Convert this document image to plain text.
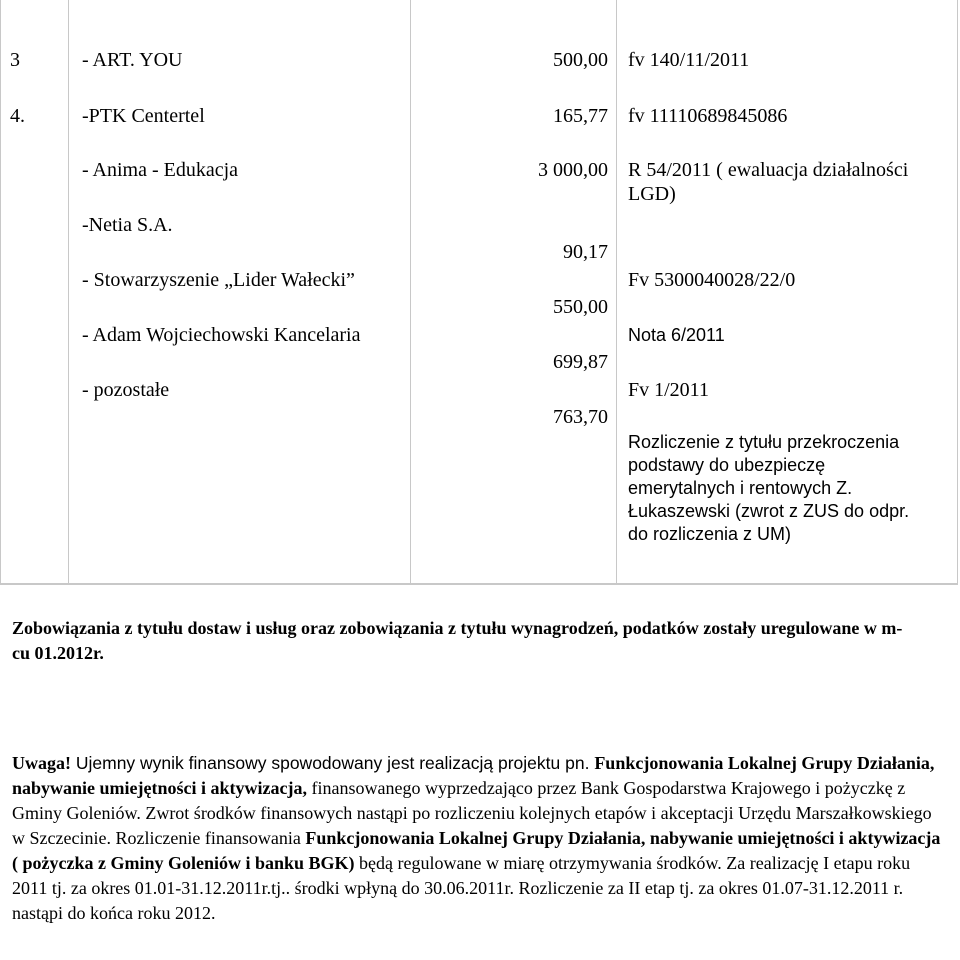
3
4.
- ART. YOU
-PTK Centertel
- Anima - Edukacja
-Netia S.A.
- Stowarzyszenie „Lider Wałecki”
- Adam Wojciechowski Kancelaria
- pozostałe
500,00
165,77
3 000,00
90,17
550,00
699,87
763,70
fv 140/11/2011
fv 11110689845086
R 54/2011 ( ewaluacja działalności LGD)
Fv 5300040028/22/0
Nota 6/2011
Fv 1/2011
Rozliczenie z tytułu przekroczenia podstawy do ubezpieczę emerytalnych i rentowych Z. Łukaszewski (zwrot z ZUS do odpr. do rozliczenia z UM)
Zobowiązania z tytułu dostaw i usług oraz zobowiązania z tytułu wynagrodzeń, podatków zostały uregulowane w m-cu 01.2012r.
Uwaga! Ujemny wynik finansowy spowodowany jest realizacją projektu pn. Funkcjonowania Lokalnej Grupy Działania, nabywanie umiejętności i aktywizacja, finansowanego wyprzedzająco przez Bank Gospodarstwa Krajowego i pożyczkę z Gminy Goleniów. Zwrot środków finansowych nastąpi po rozliczeniu kolejnych etapów i akceptacji Urzędu Marszałkowskiego w Szczecinie. Rozliczenie finansowania Funkcjonowania Lokalnej Grupy Działania, nabywanie umiejętności i aktywizacja ( pożyczka z Gminy Goleniów i banku BGK) będą regulowane w miarę otrzymywania środków. Za realizację I etapu roku 2011 tj. za okres 01.01-31.12.2011r.tj.. środki wpłyną do 30.06.2011r. Rozliczenie za II etap tj. za okres 01.07-31.12.2011 r. nastąpi do końca roku 2012.
